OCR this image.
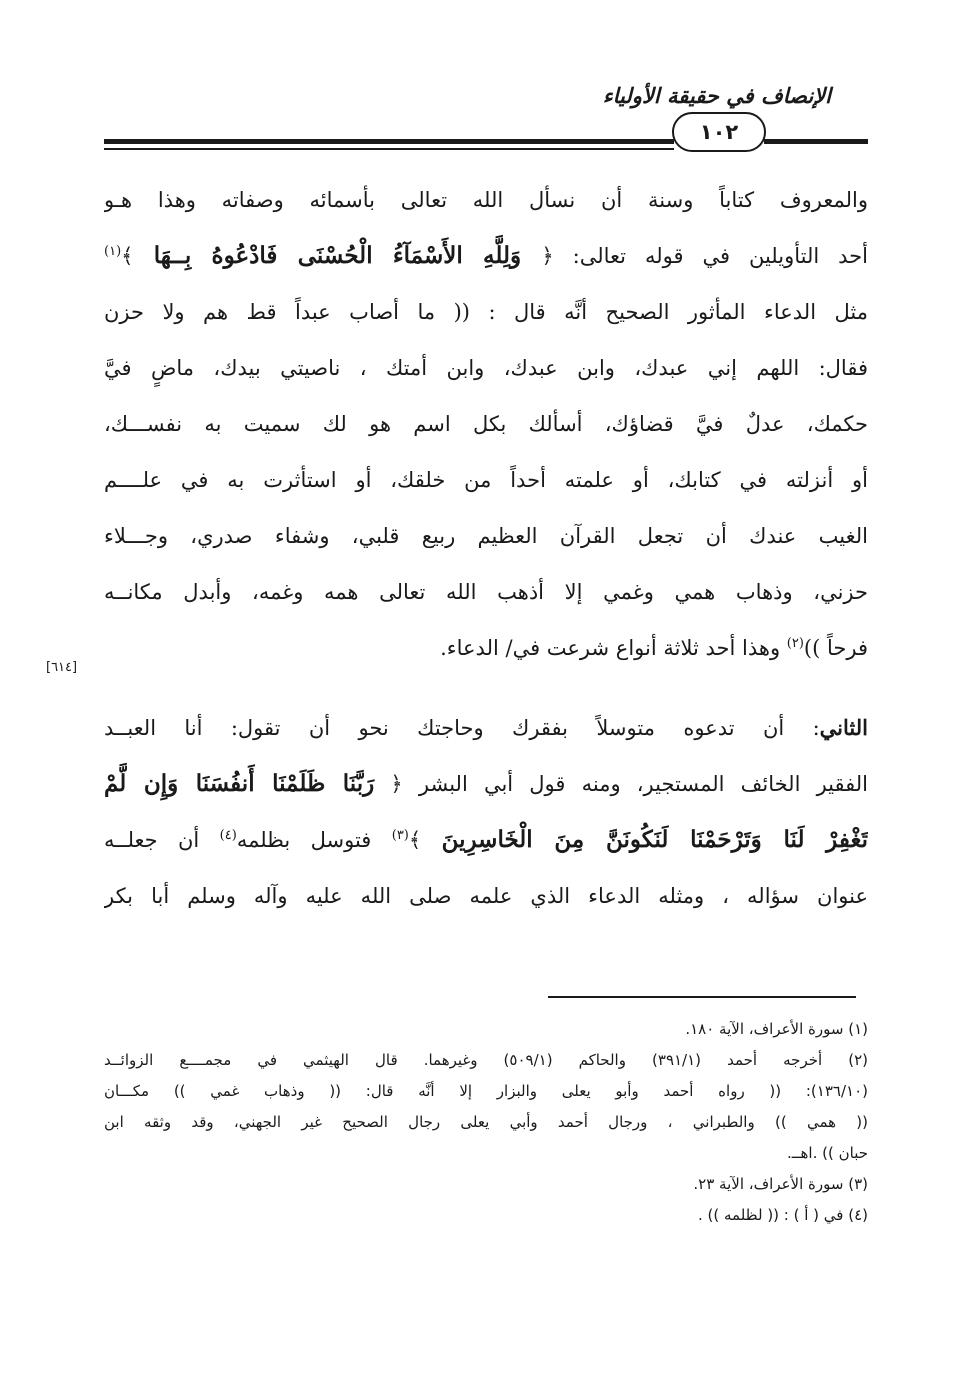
الإنصاف في حقيقة الأولياء
١٠٢
والمعروف كتاباً وسنة أن نسأل الله تعالى بأسمائه وصفاته وهذا هـو
أحد التأويلين في قوله تعالى: ﴿ وَلِلَّهِ الأَسْمَآءُ الْحُسْنَى فَادْعُوهُ بِــهَا ﴾$^{(١)}$
مثل الدعاء المأثور الصحيح أنَّه قال : (( ما أصاب عبداً قط هم ولا حزن
فقال: اللهم إني عبدك، وابن عبدك، وابن أمتك ، ناصيتي بيدك، ماضٍ فيَّ
حكمك، عدلٌ فيَّ قضاؤك، أسألك بكل اسم هو لك سميت به نفســـك،
أو أنزلته في كتابك، أو علمته أحداً من خلقك، أو استأثرت به في علــــم
الغيب عندك أن تجعل القرآن العظيم ربيع قلبي، وشفاء صدري، وجـــلاء
حزني، وذهاب همي وغمي إلا أذهب الله تعالى همه وغمه، وأبدل مكانــه
فرحاً ))$^{(٢)}$ وهذا أحد ثلاثة أنواع شرعت في/ الدعاء.
الثاني: أن تدعوه متوسلاً بفقرك وحاجتك نحو أن تقول: أنا العبــد
الفقير الخائف المستجير، ومنه قول أبي البشر ﴿ رَبَّنَا ظَلَمْنَا أَنفُسَنَا وَإِن لَّمْ
تَغْفِرْ لَنَا وَتَرْحَمْنَا لَنَكُونَنَّ مِنَ الْخَاسِرِينَ ﴾$^{(٣)}$ فتوسل بظلمه$^{(٤)}$ أن جعلــه
عنوان سؤاله ، ومثله الدعاء الذي علمه صلى الله عليه وآله وسلم أبا بكر
[٦١٤]
(١) سورة الأعراف، الآية ١٨٠.
(٢) أخرجه أحمد (٣٩١/١) والحاكم (٥٠٩/١) وغيرهما. قال الهيثمي في مجمــــع الزوائــد
(١٣٦/١٠): (( رواه أحمد وأبو يعلى والبزار إلا أنَّه قال: (( وذهاب غمي )) مكـــان
(( همي )) والطبراني ، ورجال أحمد وأبي يعلى رجال الصحيح غير الجهني، وقد وثقه ابن
حبان )) .اهــ.
(٣) سورة الأعراف، الآية ٢٣.
(٤) في ( أ ) : (( لظلمه )) .
